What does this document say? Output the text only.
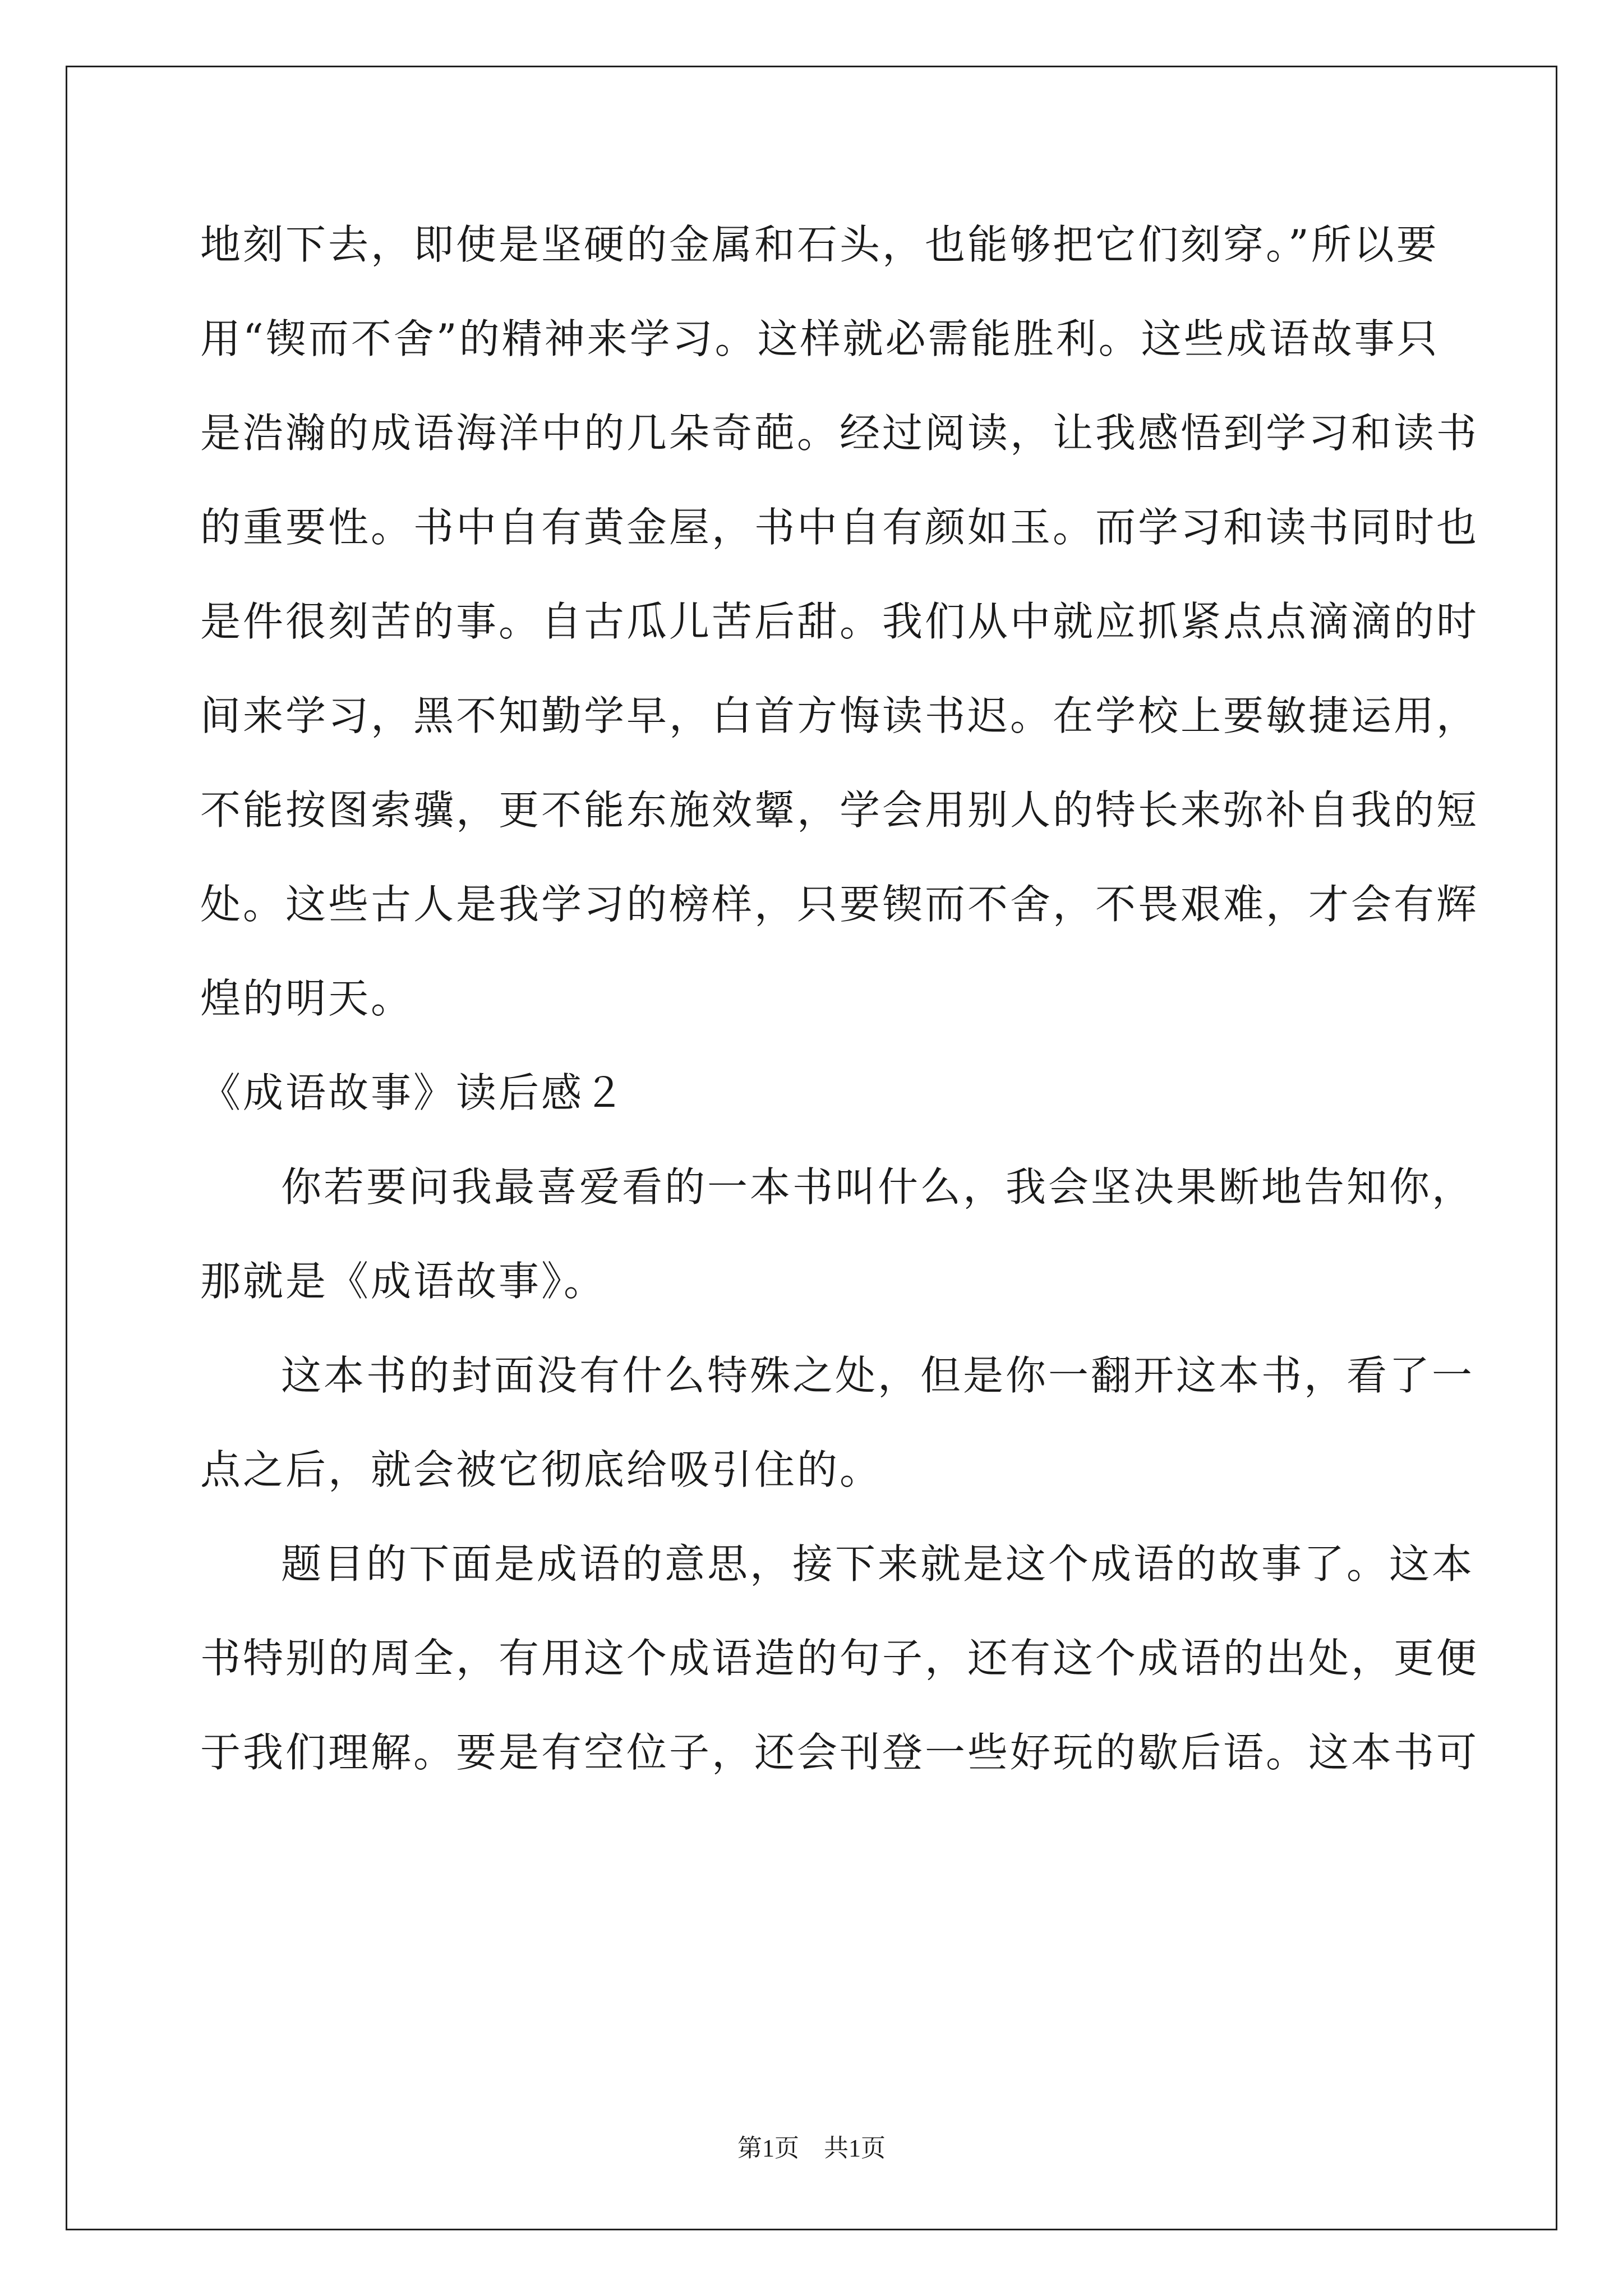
地刻下去，即使是坚硬的金属和石头，也能够把它们刻穿。”所以要
用“锲而不舍”的精神来学习。这样就必需能胜利。这些成语故事只
是浩瀚的成语海洋中的几朵奇葩。经过阅读，让我感悟到学习和读书
的重要性。书中自有黄金屋，书中自有颜如玉。而学习和读书同时也
是件很刻苦的事。自古瓜儿苦后甜。我们从中就应抓紧点点滴滴的时
间来学习，黑不知勤学早，白首方悔读书迟。在学校上要敏捷运用，
不能按图索骥，更不能东施效颦，学会用别人的特长来弥补自我的短
处。这些古人是我学习的榜样，只要锲而不舍，不畏艰难，才会有辉
煌的明天。
《成语故事》读后感２
你若要问我最喜爱看的一本书叫什么，我会坚决果断地告知你，
那就是《成语故事》。
这本书的封面没有什么特殊之处，但是你一翻开这本书，看了一
点之后，就会被它彻底给吸引住的。
题目的下面是成语的意思，接下来就是这个成语的故事了。这本
书特别的周全，有用这个成语造的句子，还有这个成语的出处，更便
于我们理解。要是有空位子，还会刊登一些好玩的歇后语。这本书可
第1页　共1页
